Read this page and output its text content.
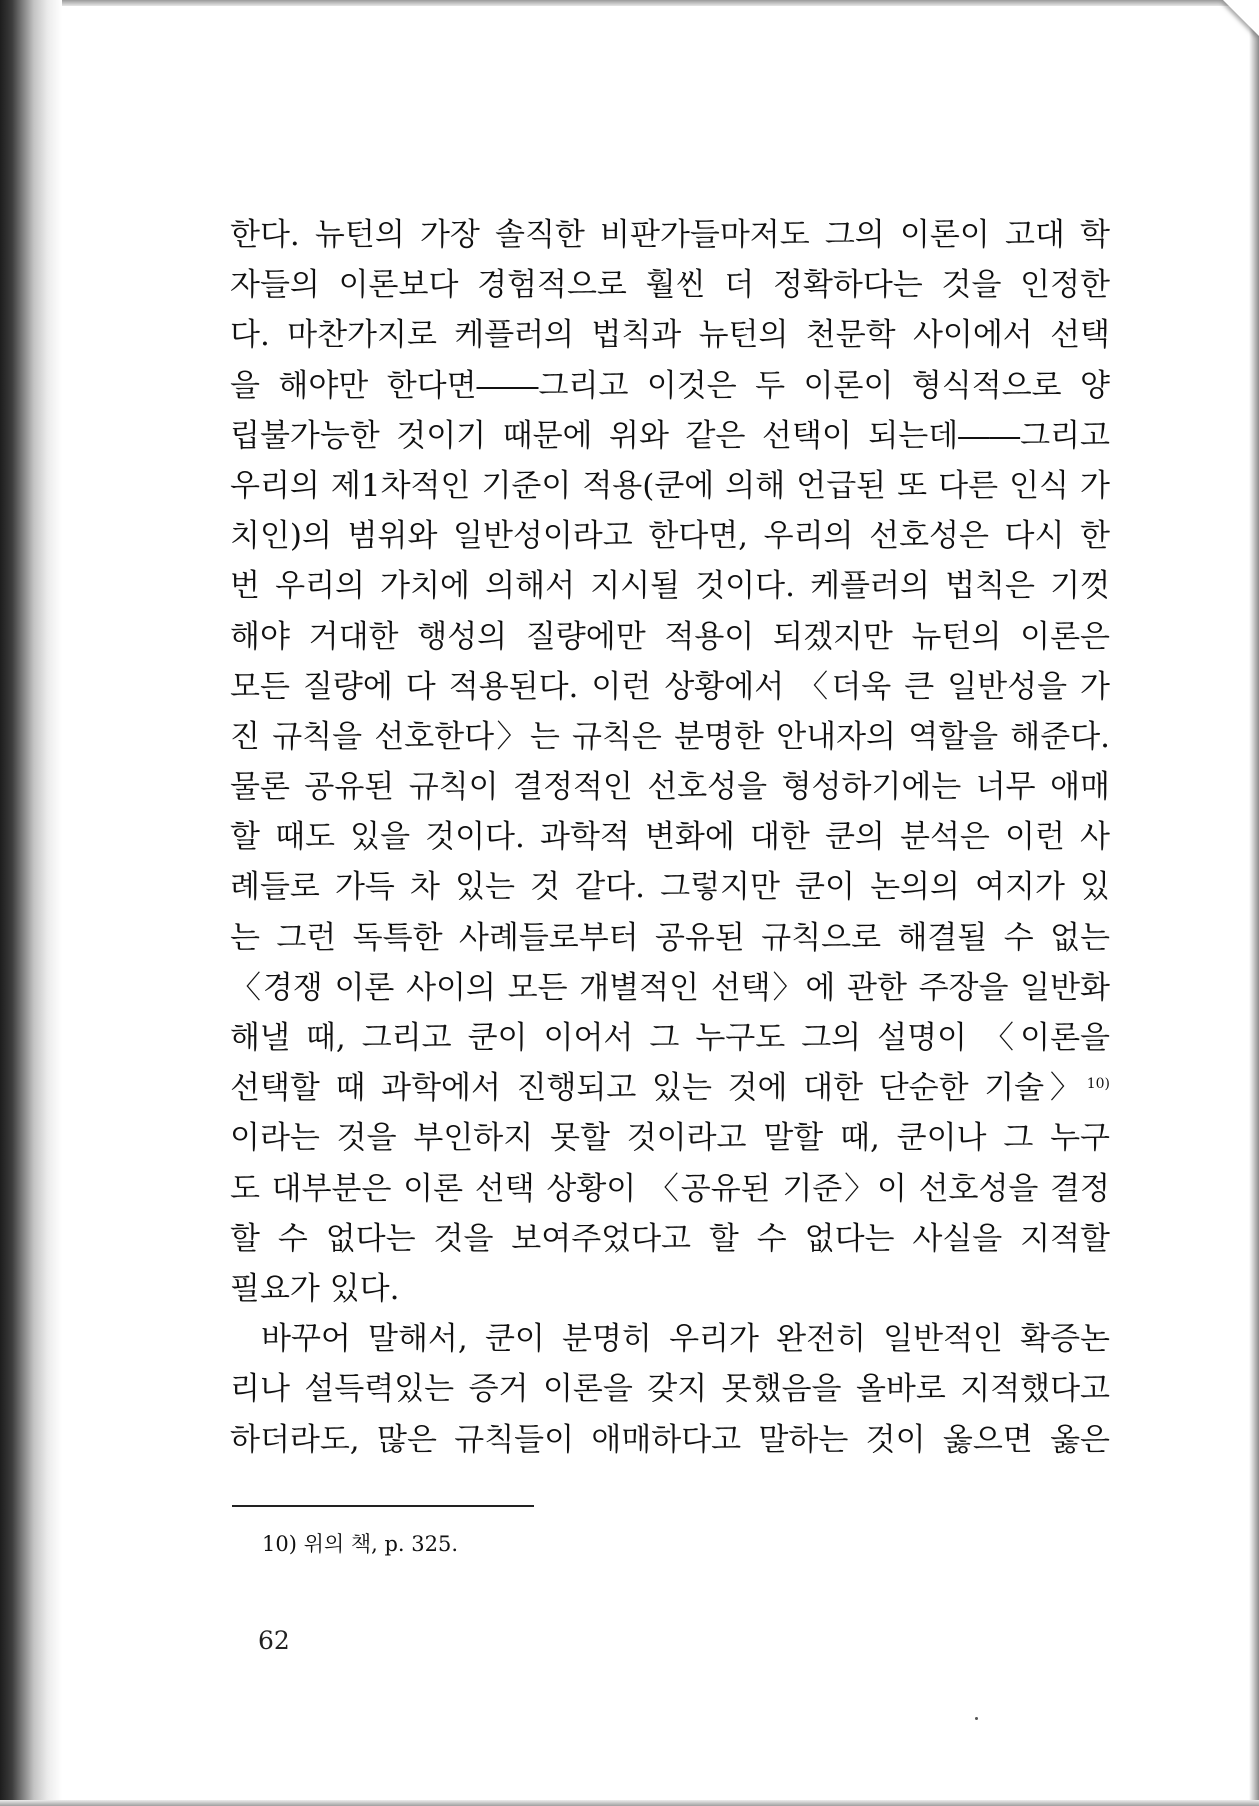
한다. 뉴턴의 가장 솔직한 비판가들마저도 그의 이론이 고대 학
자들의 이론보다 경험적으로 훨씬 더 정확하다는 것을 인정한
다. 마찬가지로 케플러의 법칙과 뉴턴의 천문학 사이에서 선택
을 해야만 한다면――그리고 이것은 두 이론이 형식적으로 양
립불가능한 것이기 때문에 위와 같은 선택이 되는데――그리고
우리의 제1차적인 기준이 적용(쿤에 의해 언급된 또 다른 인식 가
치인)의 범위와 일반성이라고 한다면, 우리의 선호성은 다시 한
번 우리의 가치에 의해서 지시될 것이다. 케플러의 법칙은 기껏
해야 거대한 행성의 질량에만 적용이 되겠지만 뉴턴의 이론은
모든 질량에 다 적용된다. 이런 상황에서 〈더욱 큰 일반성을 가
진 규칙을 선호한다〉는 규칙은 분명한 안내자의 역할을 해준다.
물론 공유된 규칙이 결정적인 선호성을 형성하기에는 너무 애매
할 때도 있을 것이다. 과학적 변화에 대한 쿤의 분석은 이런 사
례들로 가득 차 있는 것 같다. 그렇지만 쿤이 논의의 여지가 있
는 그런 독특한 사례들로부터 공유된 규칙으로 해결될 수 없는
〈경쟁 이론 사이의 모든 개별적인 선택〉에 관한 주장을 일반화
해낼 때, 그리고 쿤이 이어서 그 누구도 그의 설명이 〈이론을
선택할 때 과학에서 진행되고 있는 것에 대한 단순한 기술〉$^{10)}$
이라는 것을 부인하지 못할 것이라고 말할 때, 쿤이나 그 누구
도 대부분은 이론 선택 상황이 〈공유된 기준〉이 선호성을 결정
할 수 없다는 것을 보여주었다고 할 수 없다는 사실을 지적할
필요가 있다.
바꾸어 말해서, 쿤이 분명히 우리가 완전히 일반적인 확증논
리나 설득력있는 증거 이론을 갖지 못했음을 올바로 지적했다고
하더라도, 많은 규칙들이 애매하다고 말하는 것이 옳으면 옳은
10) 위의 책, p. 325.
62
